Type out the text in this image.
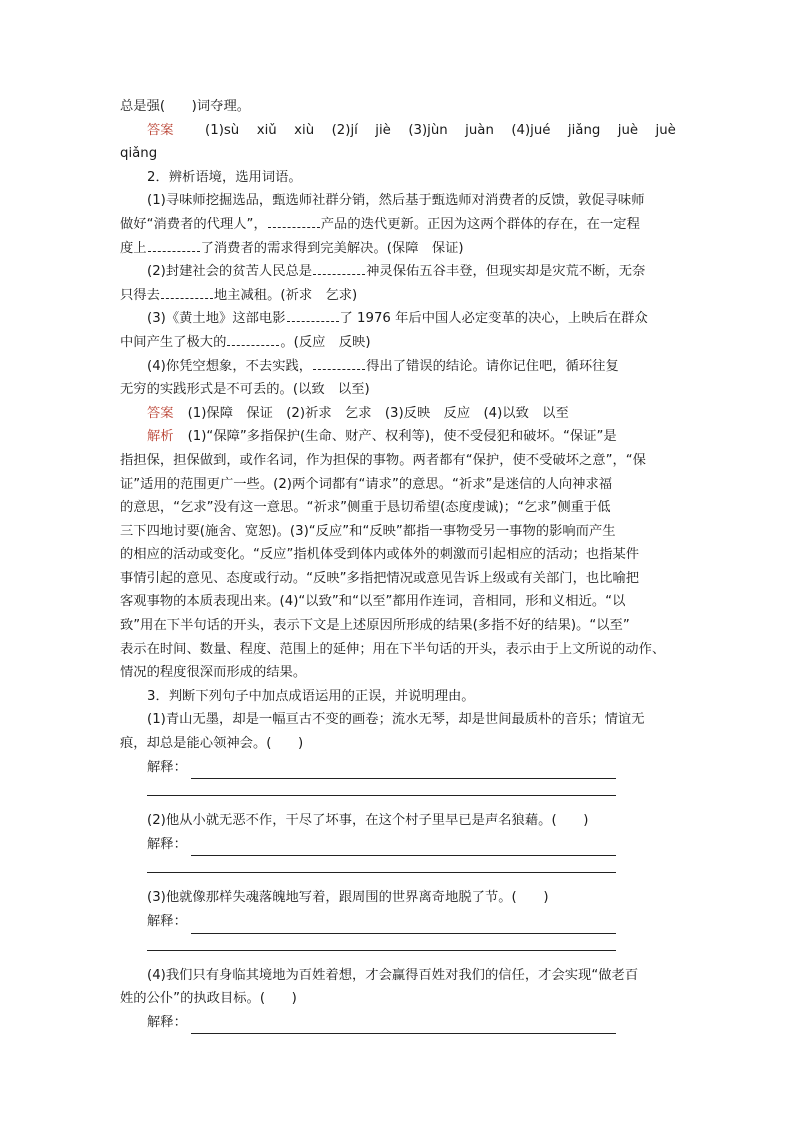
总是强(　　)词夺理。
答案 (1)sù xiǔ xiù (2)jí jiè (3)jùn juàn (4)jué jiǎng juè juè
qiǎng
2．辨析语境，选用词语。
(1)寻味师挖掘选品，甄选师社群分销，然后基于甄选师对消费者的反馈，敦促寻味师
做好“消费者的代理人”，	产品的迭代更新。正因为这两个群体的存在，在一定程
度上	了消费者的需求得到完美解决。(保障　保证)
(2)封建社会的贫苦人民总是	神灵保佑五谷丰登，但现实却是灾荒不断，无奈
只得去	地主减租。(祈求　乞求)
(3)《黄土地》这部电影	了 1976 年后中国人必定变革的决心，上映后在群众
中间产生了极大的	。(反应　反映)
(4)你凭空想象，不去实践，	得出了错误的结论。请你记住吧，循环往复
无穷的实践形式是不可丢的。(以致　以至)
答案 (1)保障　保证　(2)祈求　乞求　(3)反映　反应　(4)以致　以至
解析 (1)“保障”多指保护(生命、财产、权利等)，使不受侵犯和破坏。“保证”是
指担保，担保做到，或作名词，作为担保的事物。两者都有“保护，使不受破坏之意”，“保
证”适用的范围更广一些。(2)两个词都有“请求”的意思。“祈求”是迷信的人向神求福
的意思，“乞求”没有这一意思。“祈求”侧重于恳切希望(态度虔诚)；“乞求”侧重于低
三下四地讨要(施舍、宽恕)。(3)“反应”和“反映”都指一事物受另一事物的影响而产生
的相应的活动或变化。“反应”指机体受到体内或体外的刺激而引起相应的活动；也指某件
事情引起的意见、态度或行动。“反映”多指把情况或意见告诉上级或有关部门，也比喻把
客观事物的本质表现出来。(4)“以致”和“以至”都用作连词，音相同，形和义相近。“以
致”用在下半句话的开头，表示下文是上述原因所形成的结果(多指不好的结果)。“以至”
表示在时间、数量、程度、范围上的延伸；用在下半句话的开头，表示由于上文所说的动作、
情况的程度很深而形成的结果。
3．判断下列句子中加点成语运用的正误，并说明理由。
(1)青山无墨，却是一幅亘古不变的画卷；流水无琴，却是世间最质朴的音乐；情谊无
痕，却总是能心领神会。(　　)
解释：
(2)他从小就无恶不作，干尽了坏事，在这个村子里早已是声名狼藉。(　　)
解释：
(3)他就像那样失魂落魄地写着，跟周围的世界离奇地脱了节。(　　)
解释：
(4)我们只有身临其境地为百姓着想，才会赢得百姓对我们的信任，才会实现“做老百
姓的公仆”的执政目标。(　　)
解释：
